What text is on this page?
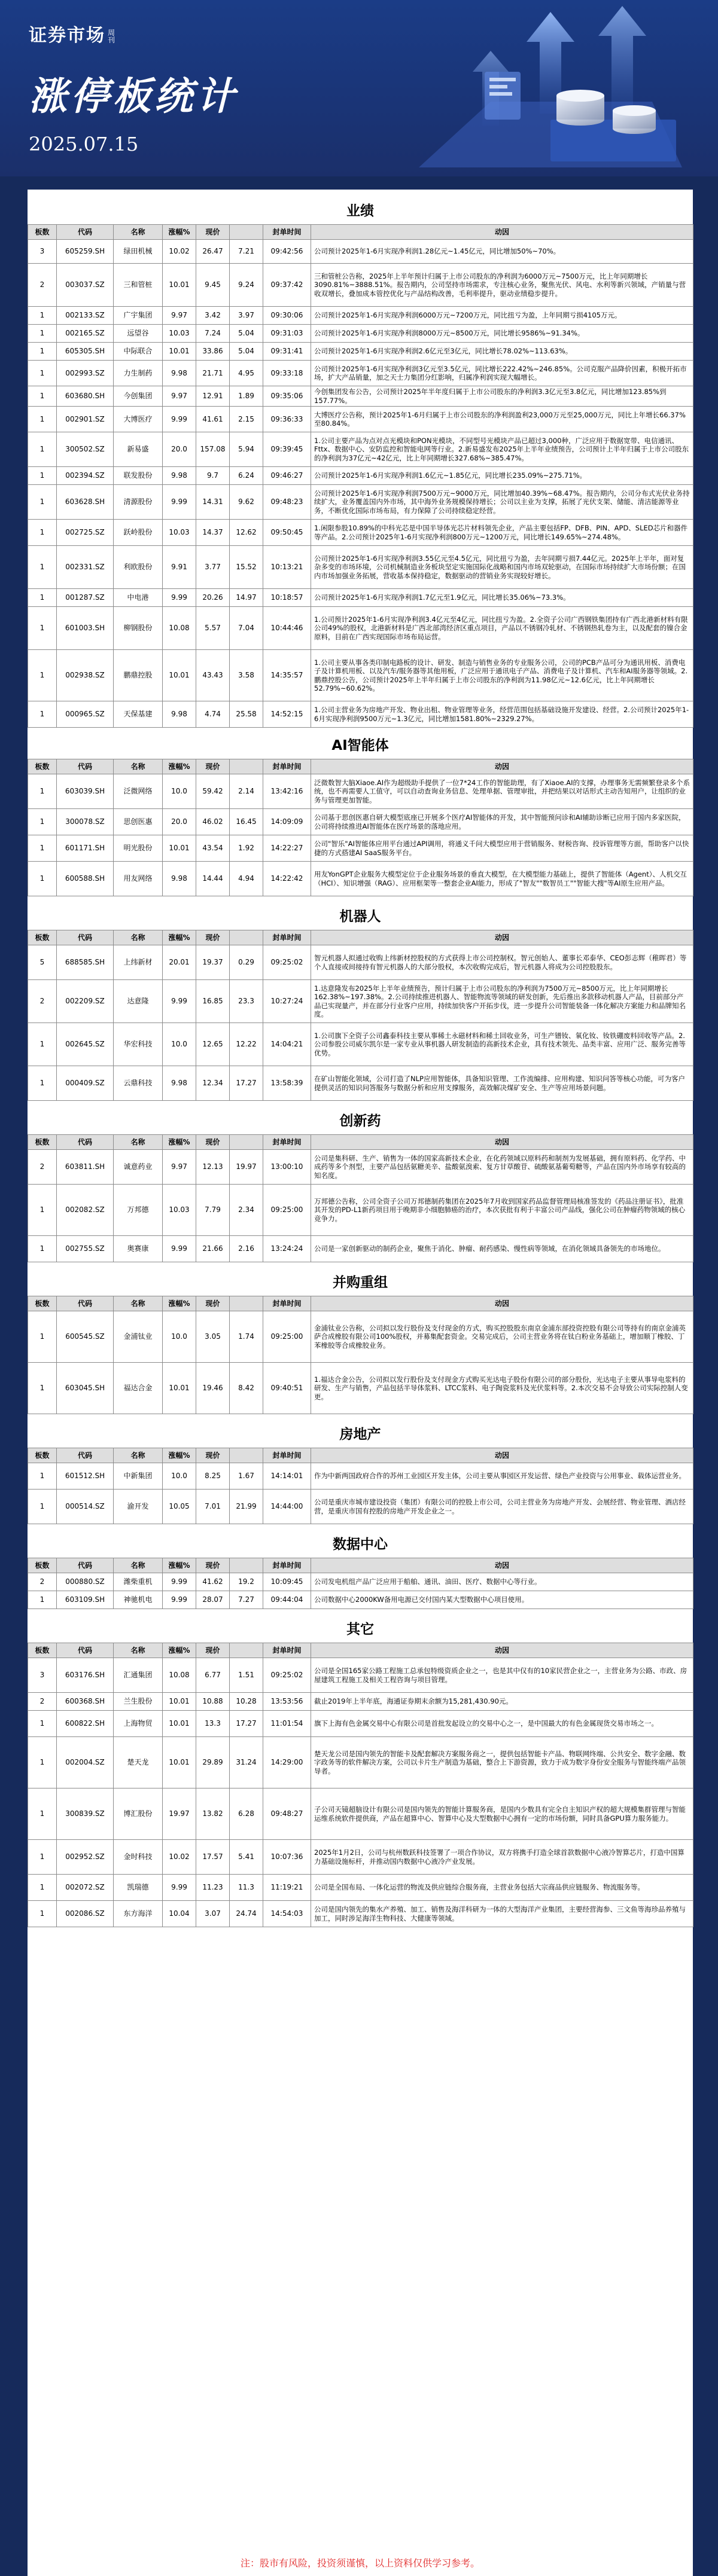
证券市场 周刊
涨停板统计
2025.07.15
业绩
板数	代码	名称	涨幅%	现价		封单时间	动因
3	605259.SH	绿田机械	10.02	26.47	7.21	09:42:56	公司预计2025年1-6月实现净利润1.28亿元~1.45亿元，同比增加50%~70%。
2	003037.SZ	三和管桩	10.01	9.45	9.24	09:37:42	三和管桩公告称，2025年上半年预计归属于上市公司股东的净利润为6000万元~7500万元，比上年同期增长3090.81%~3888.51%。报告期内，公司坚持市场需求，专注核心业务，聚焦光伏、风电、水利等新兴领域，产销量与营收双增长，叠加成本管控优化与产品结构改善，毛利率提升，驱动业绩稳步提升。
1	002133.SZ	广宇集团	9.97	3.42	3.97	09:30:06	公司预计2025年1-6月实现净利润6000万元~7200万元，同比扭亏为盈，上年同期亏损4105万元。
1	002165.SZ	远望谷	10.03	7.24	5.04	09:31:03	公司预计2025年1-6月实现净利润8000万元~8500万元，同比增长9586%~91.34%。
1	605305.SH	中际联合	10.01	33.86	5.04	09:31:41	公司预计2025年1-6月实现净利润2.6亿元至3亿元，同比增长78.02%~113.63%。
1	002993.SZ	力生制药	9.98	21.71	4.95	09:33:18	公司预计2025年1-6月实现净利润3亿元至3.5亿元，同比增长222.42%~246.85%。公司克服产品降价因素，积极开拓市场，扩大产品销量，加之天士力集团分红影响，归属净利润实现大幅增长。
1	603680.SH	今创集团	9.97	12.91	1.89	09:35:06	今创集团发布公告，公司预计2025年半年度归属于上市公司股东的净利润3.3亿元至3.8亿元，同比增加123.85%到157.77%。
1	002901.SZ	大博医疗	9.99	41.61	2.15	09:36:33	大博医疗公告称，预计2025年1-6月归属于上市公司股东的净利润盈利23,000万元至25,000万元，同比上年增长66.37%至80.84%。
1	300502.SZ	新易盛	20.0	157.08	5.94	09:39:45	1.公司主要产品为点对点光模块和PON光模块，不同型号光模块产品已超过3,000种，广泛应用于数据宽带、电信通讯、Fttx、数据中心、安防监控和智能电网等行业。2.新易盛发布2025年上半年业绩预告，公司预计上半年归属于上市公司股东的净利润为37亿元~42亿元，比上年同期增长327.68%~385.47%。
1	002394.SZ	联发股份	9.98	9.7	6.24	09:46:27	公司预计2025年1-6月实现净利润1.6亿元~1.85亿元，同比增长235.09%~275.71%。
1	603628.SH	清源股份	9.99	14.31	9.62	09:48:23	公司预计2025年1-6月实现净利润7500万元~9000万元，同比增加40.39%~68.47%。报告期内，公司分布式光伏业务持续扩大，业务覆盖国内外市场，其中海外业务规模保持增长；公司以主业为支撑，拓展了光伏支架、储能、清洁能源等业务，不断优化国际市场布局，有力保障了公司持续稳定经营。
1	002725.SZ	跃岭股份	10.03	14.37	12.62	09:50:45	1.闲限参股10.89%的中科光芯是中国半导体光芯片材料领先企业，产品主要包括FP、DFB、PIN、APD、SLED芯片和器件等产品。2.公司预计2025年1-6月实现净利润800万元~1200万元，同比增长149.65%~274.48%。
1	002331.SZ	利欧股份	9.91	3.77	15.52	10:13:21	公司预计2025年1-6月实现净利润3.55亿元至4.5亿元，同比扭亏为盈，去年同期亏损7.44亿元。2025年上半年，面对复杂多变的市场环境，公司机械制造业务板块坚定实施国际化战略和国内市场双轮驱动，在国际市场持续扩大市场份额；在国内市场加强业务拓展，营收基本保持稳定，数据驱动的营销业务实现较好增长。
1	001287.SZ	中电港	9.99	20.26	14.97	10:18:57	公司预计2025年1-6月实现净利润1.7亿元至1.9亿元，同比增长35.06%~73.3%。
1	601003.SH	柳钢股份	10.08	5.57	7.04	10:44:46	1.公司预计2025年1-6月实现净利润3.4亿元至4亿元，同比扭亏为盈。2.全资子公司广西钢铁集团持有广西北港新材料有限公司49%的股权，北港新材料是广西北部湾经济区重点项目，产品以不锈钢冷轧材、不锈钢热轧卷为主，以及配套的镍合金原料，目前在广西实现国际市场布局运营。
1	002938.SZ	鹏鼎控股	10.01	43.43	3.58	14:35:57	1.公司主要从事各类印制电路板的设计、研发、制造与销售业务的专业服务公司，公司的PCB产品可分为通讯用板、消费电子及计算机用板、以及汽车/服务器等其他用板，广泛应用于通讯电子产品、消费电子及计算机、汽车和AI服务器等领域。2.鹏鼎控股公告，公司预计2025年上半年归属于上市公司股东的净利润为11.98亿元~12.6亿元，比上年同期增长52.79%~60.62%。
1	000965.SZ	天保基建	9.98	4.74	25.58	14:52:15	1.公司主营业务为房地产开发、物业出租、物业管理等业务，经营范围包括基础设施开发建设、经营。2.公司预计2025年1-6月实现净利润9500万元~1.3亿元，同比增加1581.80%~2329.27%。
AI智能体
板数	代码	名称	涨幅%	现价		封单时间	动因
1	603039.SH	泛微网络	10.0	59.42	2.14	13:42:16	泛微数智大脑Xiaoe.AI作为超级助手提供了一位7*24工作的智能助理，有了Xiaoe.AI的支撑，办理事务无需频繁登录多个系统，也不再需要人工值守，可以自动查询业务信息、处理单据、管理审批，并把结果以对话形式主动告知用户，让组织的业务与管理更加智能。
1	300078.SZ	思创医惠	20.0	46.02	16.45	14:09:09	公司基于思创医惠自研大模型底座已开展多个医疗AI智能体的开发，其中智能预问诊和AI辅助诊断已应用于国内多家医院，公司将持续推进AI智能体在医疗场景的落地应用。
1	601171.SH	明光股份	10.01	43.54	1.92	14:22:27	公司"智乐"AI智能体应用平台通过API调用，将通义千问大模型应用于营销服务、财税咨询、投诉管理等方面，帮助客户以快捷的方式搭建AI SaaS服务平台。
1	600588.SH	用友网络	9.98	14.44	4.94	14:22:42	用友YonGPT企业服务大模型定位于企业服务场景的垂直大模型，在大模型能力基础上，提供了智能体（Agent）、人机交互（HCI）、知识增强（RAG）、应用框架等一整套企业AI能力，形成了"智友""数智员工""智能大搜"等AI原生应用产品。
机器人
板数	代码	名称	涨幅%	现价		封单时间	动因
5	688585.SH	上纬新材	20.01	19.37	0.29	09:25:02	智元机器人拟通过收购上纬新材控股权的方式获得上市公司控制权。智元创始人、董事长邓泰华、CEO彭志辉（稚晖君）等个人直接或间接持有智元机器人的大部分股权，本次收购完成后，智元机器人将成为公司控股股东。
2	002209.SZ	达意隆	9.99	16.85	23.3	10:27:24	1.达意隆发布2025年上半年业绩预告，预计归属于上市公司股东的净利润为7500万元~8500万元，比上年同期增长162.38%~197.38%。2.公司持续推进机器人、智能物流等领域的研发创新，先后推出多款移动机器人产品，目前部分产品已实现量产，并在部分行业客户应用，持续加快客户开拓步伐，进一步提升公司智能装备一体化解决方案能力和品牌知名度。
1	002645.SZ	华宏科技	10.0	12.65	12.22	14:04:21	1.公司旗下全资子公司鑫泰科技主要从事稀土永磁材料和稀土回收业务，可生产镨钕、氧化钕、钕铁硼废料回收等产品。2.公司参股公司威尔凯尔是一家专业从事机器人研发制造的高新技术企业，具有技术领先、品类丰富、应用广泛、服务完善等优势。
1	000409.SZ	云鼎科技	9.98	12.34	17.27	13:58:39	在矿山智能化领域，公司打造了NLP应用智能体，具备知识管理、工作流编排、应用构建、知识问答等核心功能，可为客户提供灵活的知识问答服务与数据分析和应用支撑服务，高效解决煤矿安全、生产等应用场景问题。
创新药
板数	代码	名称	涨幅%	现价		封单时间	动因
2	603811.SH	诚意药业	9.97	12.13	19.97	13:00:10	公司是集科研、生产、销售为一体的国家高新技术企业，在化药领域以原料药和制剂为发展基础，拥有原料药、化学药、中成药等多个剂型，主要产品包括氨糖美辛、盐酸氨溴索、复方甘草酸苷、硫酸氨基葡萄糖等，产品在国内外市场享有较高的知名度。
1	002082.SZ	万邦德	10.03	7.79	2.34	09:25:00	万邦德公告称，公司全资子公司万邦德制药集团在2025年7月收到国家药品监督管理局核准签发的《药品注册证书》，批准其开发的PD-L1新药项目用于晚期非小细胞肺癌的治疗，本次获批有利于丰富公司产品线，强化公司在肿瘤药物领域的核心竞争力。
1	002755.SZ	奥赛康	9.99	21.66	2.16	13:24:24	公司是一家创新驱动的制药企业，聚焦于消化、肿瘤、耐药感染、慢性病等领域，在消化领域具备领先的市场地位。
并购重组
板数	代码	名称	涨幅%	现价		封单时间	动因
1	600545.SZ	金浦钛业	10.0	3.05	1.74	09:25:00	金浦钛业公告称，公司拟以发行股份及支付现金的方式，购买控股股东南京金浦东部投资控股有限公司等持有的南京金浦英萨合成橡胶有限公司100%股权，并募集配套资金。交易完成后，公司主营业务将在钛白粉业务基础上，增加顺丁橡胶、丁苯橡胶等合成橡胶业务。
1	603045.SH	福达合金	10.01	19.46	8.42	09:40:51	1.福达合金公告，公司拟以发行股份及支付现金方式购买光达电子股份有限公司的部分股份，光达电子主要从事导电浆料的研发、生产与销售，产品包括半导体浆料、LTCC浆料、电子陶瓷浆料及光伏浆料等。2.本次交易不会导致公司实际控制人变更。
房地产
板数	代码	名称	涨幅%	现价		封单时间	动因
1	601512.SH	中新集团	10.0	8.25	1.67	14:14:01	作为中新两国政府合作的苏州工业园区开发主体，公司主要从事园区开发运营、绿色产业投资与公用事业、载体运营业务。
1	000514.SZ	渝开发	10.05	7.01	21.99	14:44:00	公司是重庆市城市建设投资（集团）有限公司的控股上市公司，公司主营业务为房地产开发、会展经营、物业管理、酒店经营，是重庆市国有控股的房地产开发企业之一。
数据中心
板数	代码	名称	涨幅%	现价		封单时间	动因
2	000880.SZ	潍柴重机	9.99	41.62	19.2	10:09:45	公司发电机组产品广泛应用于船舶、通讯、油田、医疗、数据中心等行业。
1	603109.SH	神驰机电	9.99	28.07	7.27	09:44:04	公司数据中心2000KW备用电源已交付国内某大型数据中心项目使用。
其它
板数	代码	名称	涨幅%	现价		封单时间	动因
3	603176.SH	汇通集团	10.08	6.77	1.51	09:25:02	公司是全国165家公路工程施工总承包特级资质企业之一，也是其中仅有的10家民营企业之一，主营业务为公路、市政、房屋建筑工程施工及相关工程咨询与项目管理。
2	600368.SH	兰生股份	10.01	10.88	10.28	13:53:56	截止2019年上半年底，海通证券期末余额为15,281,430.90元。
1	600822.SH	上海物贸	10.01	13.3	17.27	11:01:54	旗下上海有色金属交易中心有限公司是首批发起设立的交易中心之一，是中国最大的有色金属现货交易市场之一。
1	002004.SZ	楚天龙	10.01	29.89	31.24	14:29:00	楚天龙公司是国内领先的智能卡及配套解决方案服务商之一，提供包括智能卡产品、物联网终端、公共安全、数字金融、数字政务等的软件解决方案，公司以卡片生产制造为基础，整合上下游资源，致力于成为数字身份安全服务与智能终端产品领导者。
1	300839.SZ	博汇股份	19.97	13.82	6.28	09:48:27	子公司天镜超脑设计有限公司是国内领先的智能计算服务商，是国内少数具有完全自主知识产权的超大规模集群管理与智能运维系统软件提供商，产品在超算中心、智算中心及大型数据中心拥有一定的市场份额，同时具备GPU算力服务能力。
1	002952.SZ	金时科技	10.02	17.57	5.41	10:07:36	2025年1月2日，公司与杭州数跃科技签署了一项合作协议，双方将携手打造全球首款数据中心液冷智算芯片，打造中国算力基础设施标杆，并推动国内数据中心液冷产业发展。
1	002072.SZ	凯瑞德	9.99	11.23	11.3	11:19:21	公司是全国布局、一体化运营的物流及供应链综合服务商，主营业务包括大宗商品供应链服务、物流服务等。
1	002086.SZ	东方海洋	10.04	3.07	24.74	14:54:03	公司是国内领先的集水产养殖、加工、销售及海洋科研为一体的大型海洋产业集团，主要经营海参、三文鱼等海珍品养殖与加工，同时涉足海洋生物科技、大健康等领域。
注：股市有风险，投资须谨慎，以上资料仅供学习参考。
